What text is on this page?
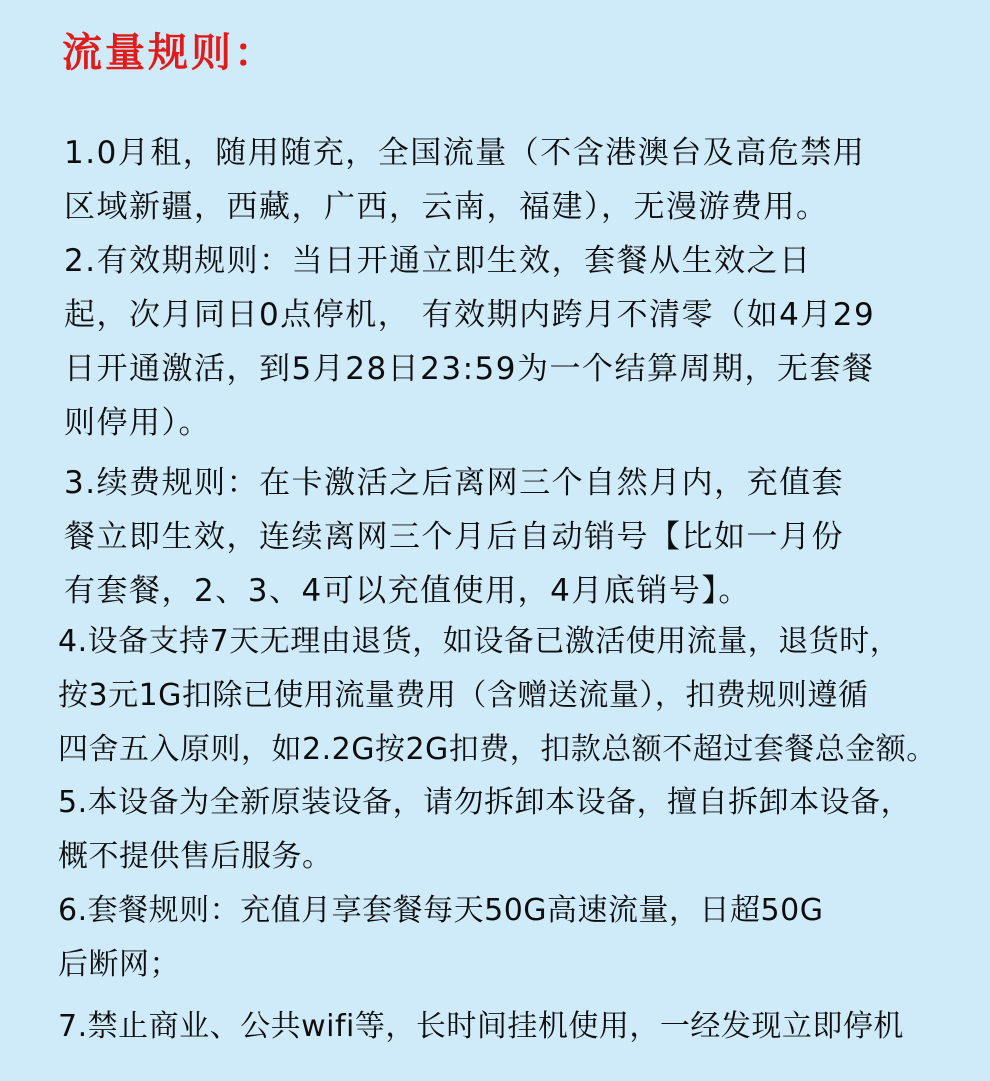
流量规则：
1.0月租，随用随充，全国流量（不含港澳台及高危禁用
区域新疆，西藏，广西，云南，福建），无漫游费用。
2.有效期规则：当日开通立即生效，套餐从生效之日
起，次月同日0点停机， 有效期内跨月不清零（如4月29
日开通激活，到5月28日23:59为一个结算周期，无套餐
则停用）。
3.续费规则：在卡激活之后离网三个自然月内，充值套
餐立即生效，连续离网三个月后自动销号【比如一月份
有套餐，2、3、4可以充值使用，4月底销号】。
4.设备支持7天无理由退货，如设备已激活使用流量，退货时，
按3元1G扣除已使用流量费用（含赠送流量），扣费规则遵循
四舍五入原则，如2.2G按2G扣费，扣款总额不超过套餐总金额。
5.本设备为全新原装设备，请勿拆卸本设备，擅自拆卸本设备，
概不提供售后服务。
6.套餐规则：充值月享套餐每天50G高速流量，日超50G
后断网；
7.禁止商业、公共wifi等，长时间挂机使用，一经发现立即停机
